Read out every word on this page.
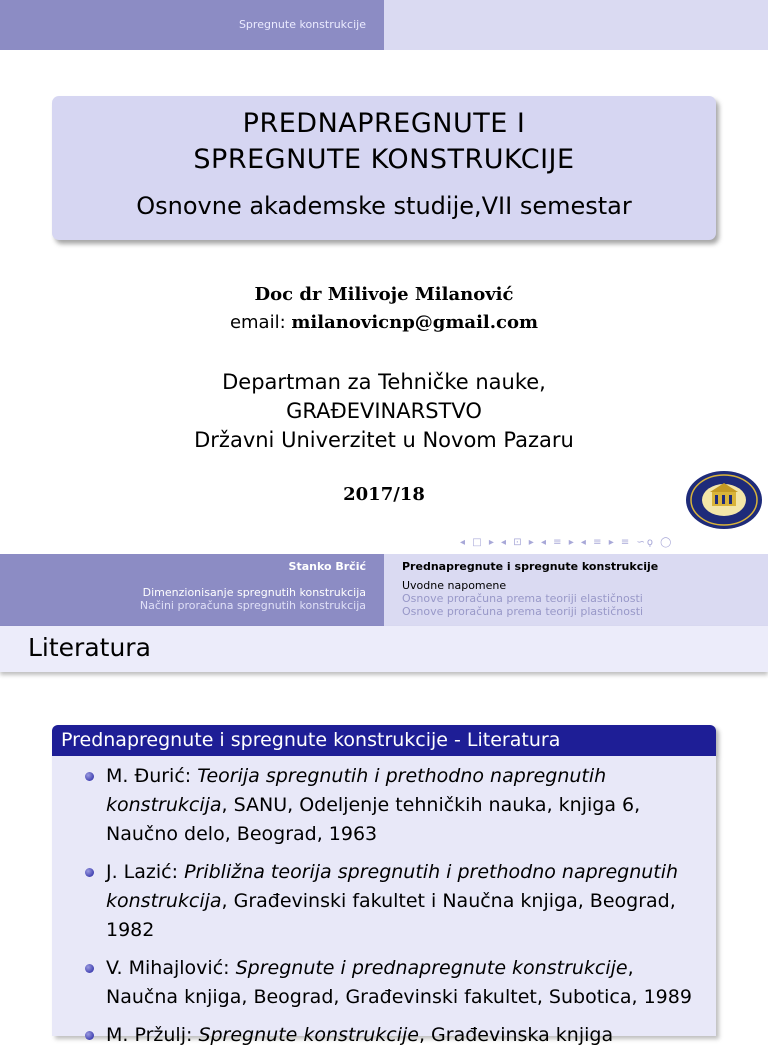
Spregnute konstrukcije
PREDNAPREGNUTE I
SPREGNUTE KONSTRUKCIJE
Osnovne akademske studije,VII semestar
Doc dr Milivoje Milanović
email: milanovicnp@gmail.com
Departman za Tehničke nauke,
GRAĐEVINARSTVO
Državni Univerzitet u Novom Pazaru
2017/18
◂ □ ▸ ◂ ⊡ ▸ ◂ ≡ ▸ ◂ ≡ ▸ ≡ ∽ϙ ◯
Stanko Brčić
Dimenzionisanje spregnutih konstrukcija
Načini proračuna spregnutih konstrukcija
Prednapregnute i spregnute konstrukcije
Uvodne napomene
Osnove proračuna prema teoriji elastičnosti
Osnove proračuna prema teoriji plastičnosti
Literatura
Prednapregnute i spregnute konstrukcije - Literatura
M. Đurić: Teorija spregnutih i prethodno napregnutih konstrukcija, SANU, Odeljenje tehničkih nauka, knjiga 6, Naučno delo, Beograd, 1963
J. Lazić: Približna teorija spregnutih i prethodno napregnutih konstrukcija, Građevinski fakultet i Naučna knjiga, Beograd, 1982
V. Mihajlović: Spregnute i prednapregnute konstrukcije, Naučna knjiga, Beograd, Građevinski fakultet, Subotica, 1989
M. Pržulj: Spregnute konstrukcije, Građevinska knjiga
